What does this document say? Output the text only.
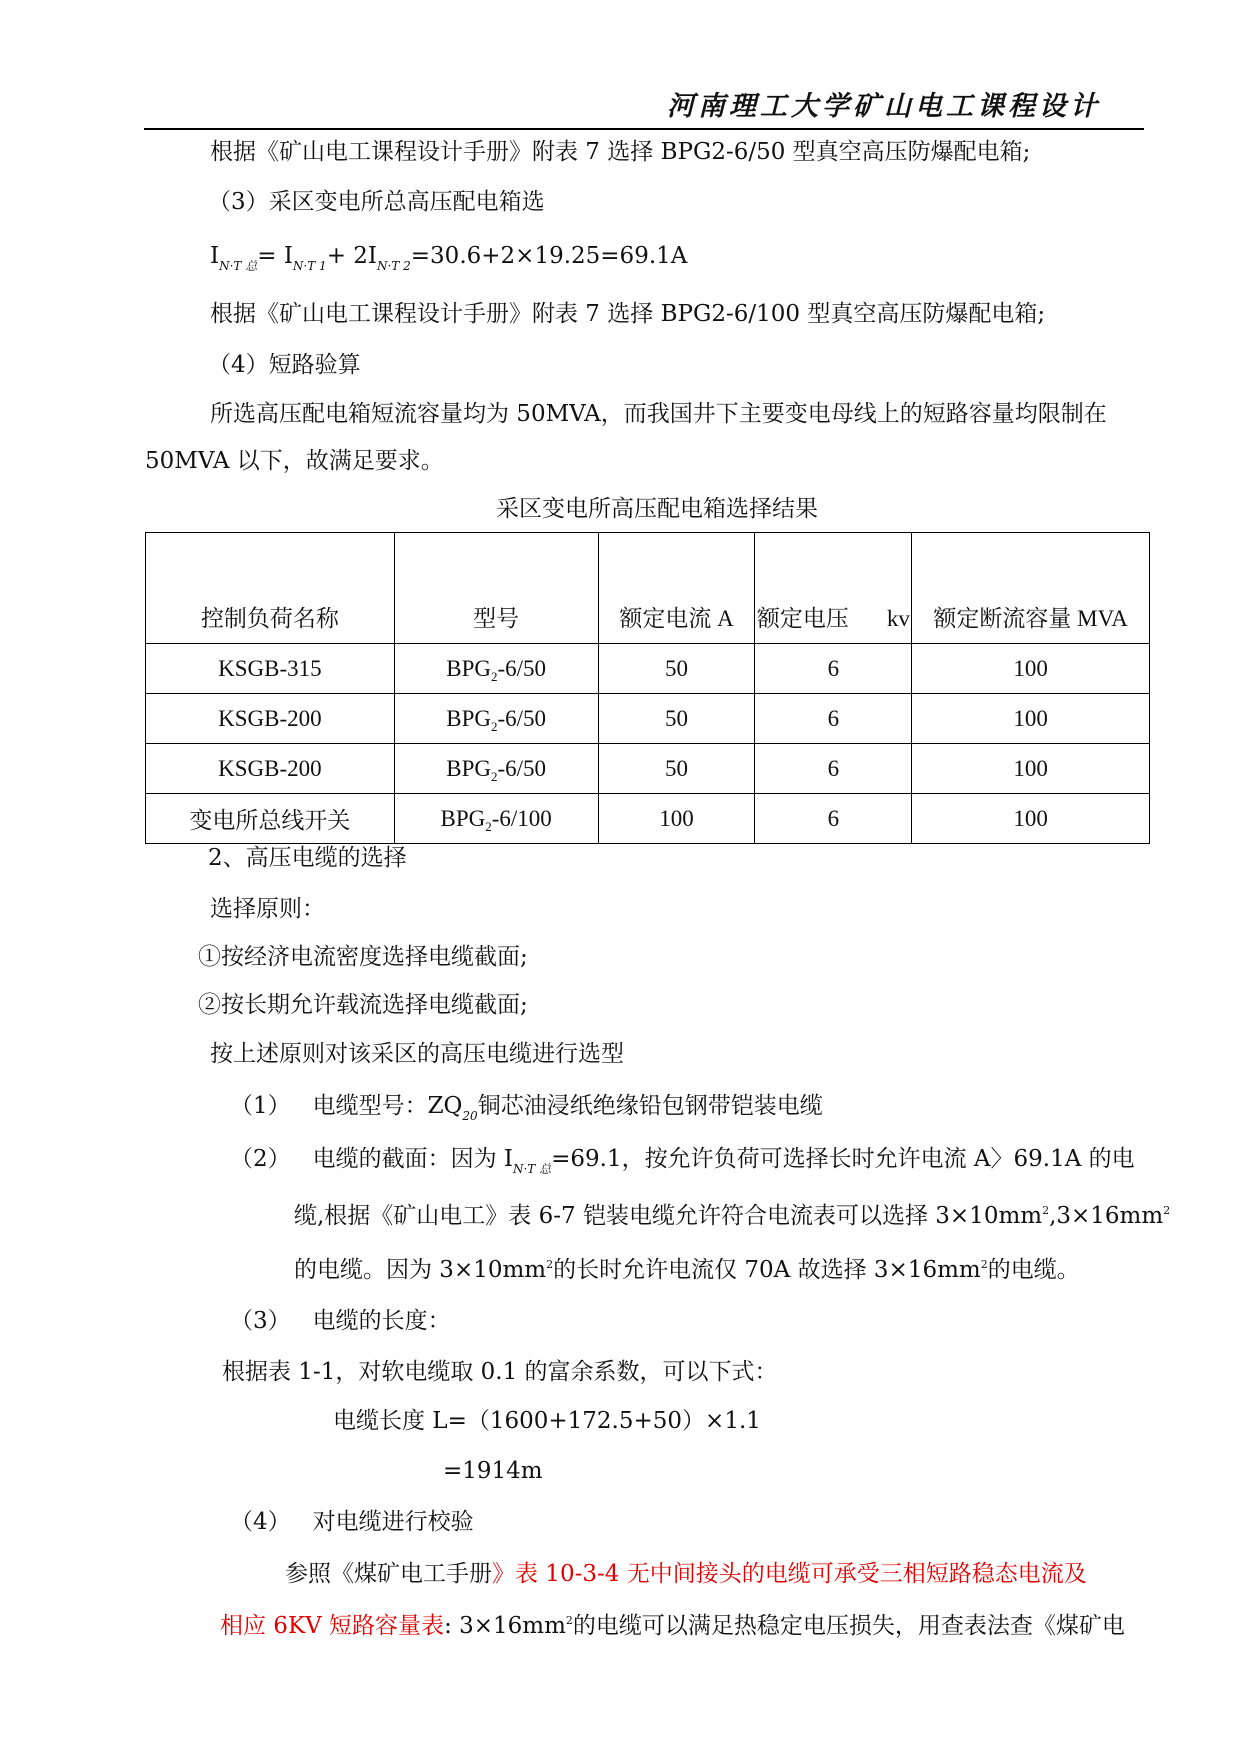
河南理工大学矿山电工课程设计
根据《矿山电工课程设计手册》附表 7 选择 BPG2-6/50 型真空高压防爆配电箱;
（3）采区变电所总高压配电箱选
$I_{N\cdot T 总}= I_{N\cdot T 1}+ 2I_{N\cdot T 2}=30.6+2\times 19.25=69.1A$
根据《矿山电工课程设计手册》附表 7 选择 BPG2-6/100 型真空高压防爆配电箱;
（4）短路验算
所选高压配电箱短流容量均为 50MVA，而我国井下主要变电母线上的短路容量均限制在
50MVA 以下，故满足要求。
采区变电所高压配电箱选择结果
控制负荷名称	型号	额定电流 A	额定电压 kv	额定断流容量 MVA
KSGB-315	$BPG_2-6/50$	50	6	100
KSGB-200	$BPG_2-6/50$	50	6	100
KSGB-200	$BPG_2-6/50$	50	6	100
变电所总线开关	$BPG_2-6/100$	100	6	100
2、高压电缆的选择
选择原则：
①按经济电流密度选择电缆截面;
②按长期允许载流选择电缆截面;
按上述原则对该采区的高压电缆进行选型
（1） 电缆型号：$ZQ_{20}$铜芯油浸纸绝缘铅包钢带铠装电缆
（2） 电缆的截面：因为 $I_{N\cdot T 总}=69.1$，按允许负荷可选择长时允许电流 A〉69.1A 的电
缆,根据《矿山电工》表 6-7 铠装电缆允许符合电流表可以选择 $3\times 10mm^2,3\times 16mm^2$
的电缆。因为 $3\times 10mm^2$的长时允许电流仅 70A 故选择 $3\times 16mm^2$的电缆。
（3） 电缆的长度：
根据表 1-1，对软电缆取 0.1 的富余系数，可以下式：
电缆长度 L=（1600+172.5+50）×1.1
=1914m
（4） 对电缆进行校验
参照《煤矿电工手册》表 10-3-4 无中间接头的电缆可承受三相短路稳态电流及
相应 6KV 短路容量表: $3\times 16mm^2$的电缆可以满足热稳定电压损失，用查表法查《煤矿电
